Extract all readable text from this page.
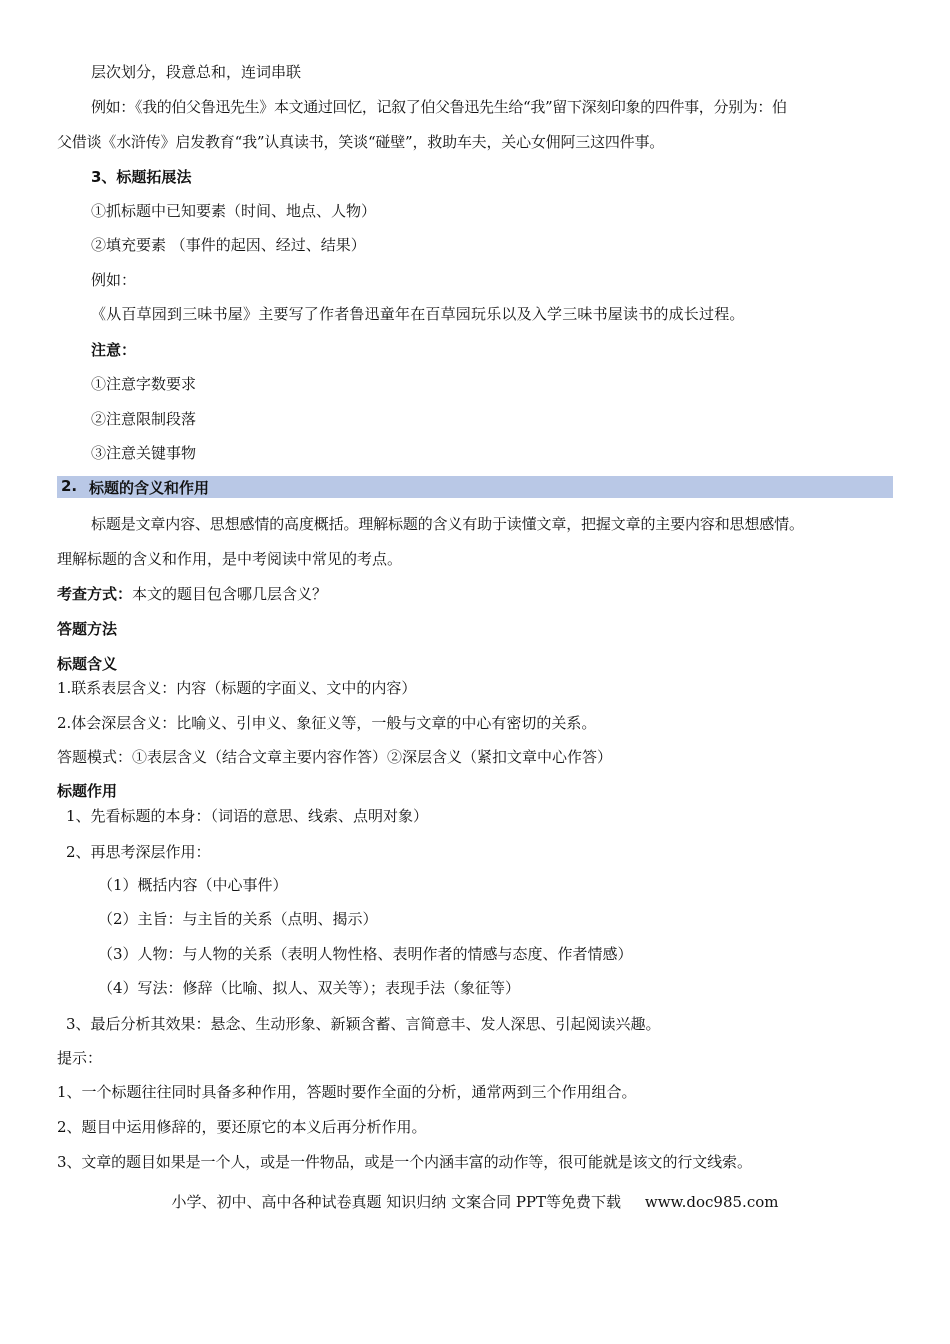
层次划分，段意总和，连词串联
例如：《我的伯父鲁迅先生》本文通过回忆，记叙了伯父鲁迅先生给“我”留下深刻印象的四件事，分别为：伯
父借谈《水浒传》启发教育“我”认真读书，笑谈“碰壁”，救助车夫，关心女佣阿三这四件事。
3、标题拓展法
①抓标题中已知要素（时间、地点、人物）
②填充要素 （事件的起因、经过、结果）
例如：
《从百草园到三味书屋》主要写了作者鲁迅童年在百草园玩乐以及入学三味书屋读书的成长过程。
注意：
①注意字数要求
②注意限制段落
③注意关键事物
2. 标题的含义和作用
标题是文章内容、思想感情的高度概括。理解标题的含义有助于读懂文章，把握文章的主要内容和思想感情。
理解标题的含义和作用，是中考阅读中常见的考点。
考查方式：本文的题目包含哪几层含义？
答题方法
标题含义
1.联系表层含义：内容（标题的字面义、文中的内容）
2.体会深层含义：比喻义、引申义、象征义等，一般与文章的中心有密切的关系。
答题模式：①表层含义（结合文章主要内容作答）②深层含义（紧扣文章中心作答）
标题作用
1、先看标题的本身：（词语的意思、线索、点明对象）
2、再思考深层作用：
（1）概括内容（中心事件）
（2）主旨：与主旨的关系（点明、揭示）
（3）人物：与人物的关系（表明人物性格、表明作者的情感与态度、作者情感）
（4）写法：修辞（比喻、拟人、双关等）；表现手法（象征等）
3、最后分析其效果：悬念、生动形象、新颖含蓄、言简意丰、发人深思、引起阅读兴趣。
提示：
1、一个标题往往同时具备多种作用，答题时要作全面的分析，通常两到三个作用组合。
2、题目中运用修辞的，要还原它的本义后再分析作用。
3、文章的题目如果是一个人，或是一件物品，或是一个内涵丰富的动作等，很可能就是该文的行文线索。
小学、初中、高中各种试卷真题 知识归纳 文案合同 PPT等免费下载 www.doc985.com
